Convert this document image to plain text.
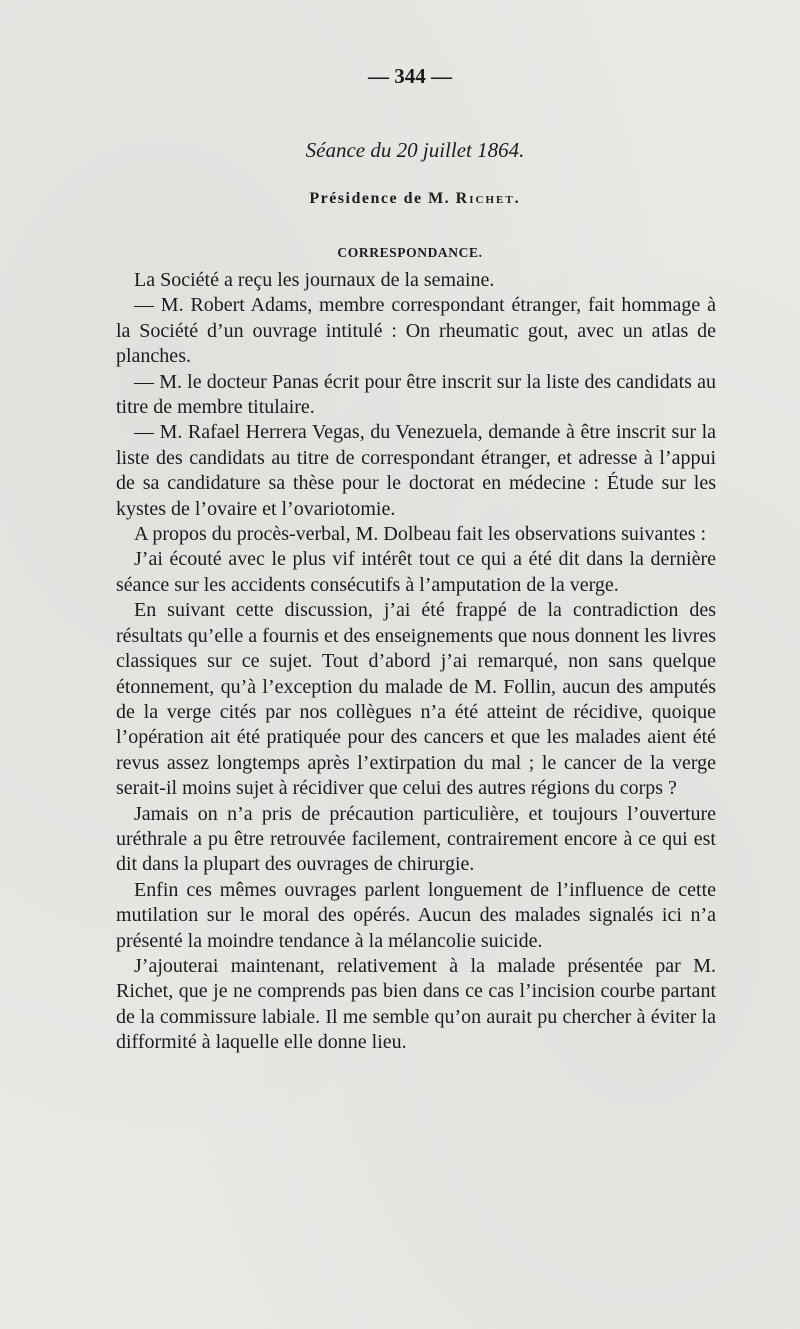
— 344 —
Séance du 20 juillet 1864.
Présidence de M. Richet.
CORRESPONDANCE.

La Société a reçu les journaux de la semaine.

— M. Robert Adams, membre correspondant étranger, fait hommage à la Société d’un ouvrage intitulé : On rheumatic gout, avec un atlas de planches.

— M. le docteur Panas écrit pour être inscrit sur la liste des candidats au titre de membre titulaire.

— M. Rafael Herrera Vegas, du Venezuela, demande à être inscrit sur la liste des candidats au titre de correspondant étranger, et adresse à l’appui de sa candidature sa thèse pour le doctorat en médecine : Étude sur les kystes de l’ovaire et l’ovariotomie.

A propos du procès-verbal, M. Dolbeau fait les observations suivantes :

J’ai écouté avec le plus vif intérêt tout ce qui a été dit dans la dernière séance sur les accidents consécutifs à l’amputation de la verge.

En suivant cette discussion, j’ai été frappé de la contradiction des résultats qu’elle a fournis et des enseignements que nous donnent les livres classiques sur ce sujet. Tout d’abord j’ai remarqué, non sans quelque étonnement, qu’à l’exception du malade de M. Follin, aucun des amputés de la verge cités par nos collègues n’a été atteint de récidive, quoique l’opération ait été pratiquée pour des cancers et que les malades aient été revus assez longtemps après l’extirpation du mal ; le cancer de la verge serait-il moins sujet à récidiver que celui des autres régions du corps ?

Jamais on n’a pris de précaution particulière, et toujours l’ouverture uréthrale a pu être retrouvée facilement, contrairement encore à ce qui est dit dans la plupart des ouvrages de chirurgie.

Enfin ces mêmes ouvrages parlent longuement de l’influence de cette mutilation sur le moral des opérés. Aucun des malades signalés ici n’a présenté la moindre tendance à la mélancolie suicide.

J’ajouterai maintenant, relativement à la malade présentée par M. Richet, que je ne comprends pas bien dans ce cas l’incision courbe partant de la commissure labiale. Il me semble qu’on aurait pu chercher à éviter la difformité à laquelle elle donne lieu.
